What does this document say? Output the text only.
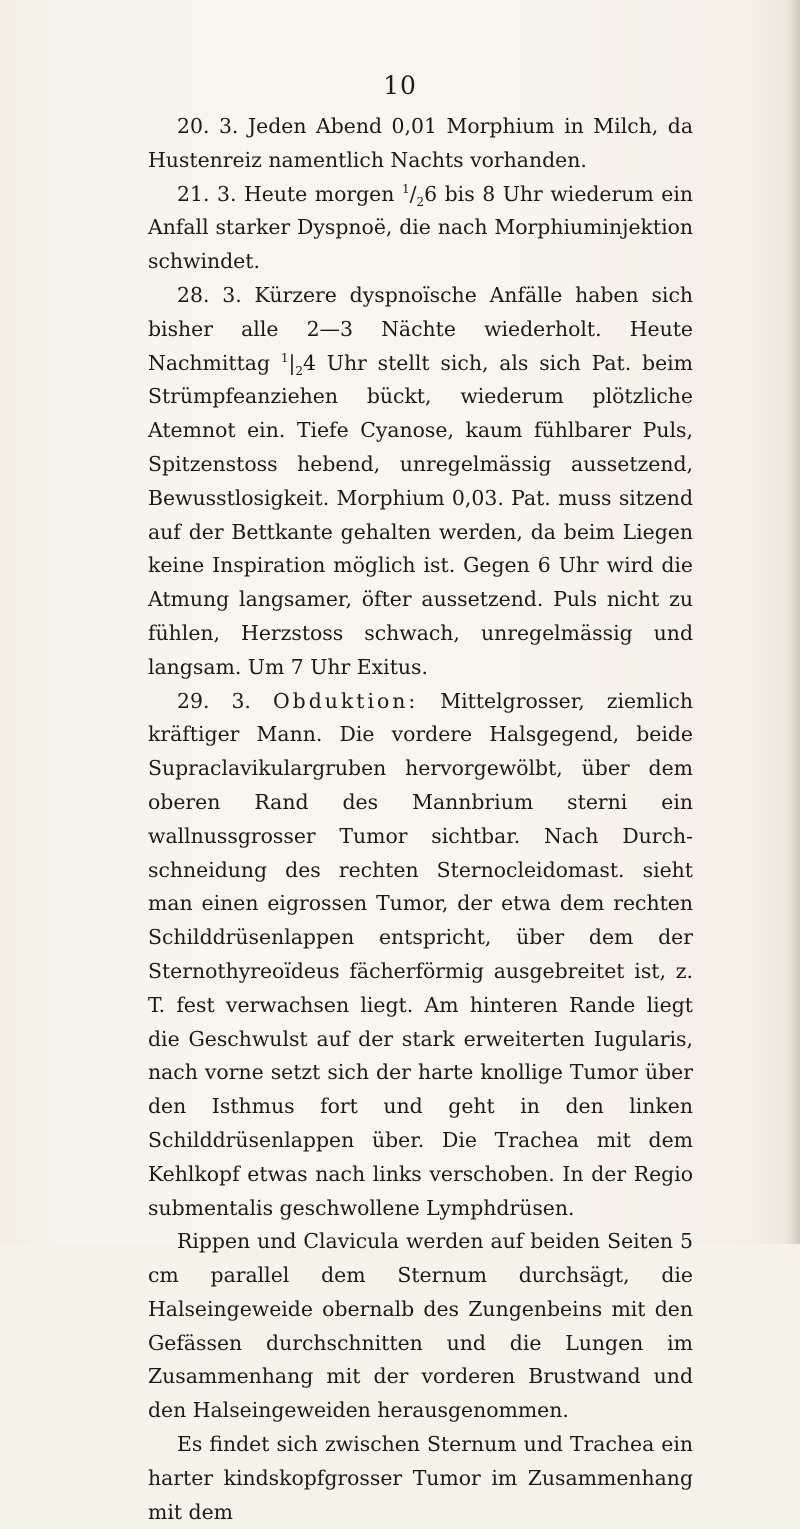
10

20. 3. Jeden Abend 0,01 Morphium in Milch, da Hustenreiz namentlich Nachts vorhanden.

21. 3. Heute morgen $^1/_26$ bis 8 Uhr wiederum ein Anfall starker Dyspnoë, die nach Morphiuminjektion schwindet.

28. 3. Kürzere dyspnoïsche Anfälle haben sich bisher alle 2—3 Nächte wiederholt. Heute Nachmittag $^1|_24$ Uhr stellt sich, als sich Pat. beim Strümpfeanziehen bückt, wiederum plötzliche Atemnot ein. Tiefe Cyanose, kaum fühlbarer Puls, Spitzenstoss hebend, unregelmässig aussetzend, Bewusstlosigkeit. Morphium 0,03. Pat. muss sitzend auf der Bettkante gehalten werden, da beim Liegen keine Inspiration möglich ist. Gegen 6 Uhr wird die Atmung langsamer, öfter aussetzend. Puls nicht zu fühlen, Herzstoss schwach, unregelmässig und langsam. Um 7 Uhr Exitus.

29. 3. Obduktion: Mittelgrosser, ziemlich kräftiger Mann. Die vordere Halsgegend, beide Supraclavikulargruben hervorgewölbt, über dem oberen Rand des Mannbrium sterni ein wallnussgrosser Tumor sichtbar. Nach Durchschneidung des rechten Sternocleidomast. sieht man einen eigrossen Tumor, der etwa dem rechten Schilddrüsenlappen entspricht, über dem der Sternothyreoïdeus fächerförmig ausgebreitet ist, z. T. fest verwachsen liegt. Am hinteren Rande liegt die Geschwulst auf der stark erweiterten Iugularis, nach vorne setzt sich der harte knollige Tumor über den Isthmus fort und geht in den linken Schilddrüsenlappen über. Die Trachea mit dem Kehlkopf etwas nach links verschoben. In der Regio submentalis geschwollene Lymphdrüsen.

Rippen und Clavicula werden auf beiden Seiten 5 cm parallel dem Sternum durchsägt, die Halseingeweide obernalb des Zungenbeins mit den Gefässen durchschnitten und die Lungen im Zusammenhang mit der vorderen Brustwand und den Halseingeweiden herausgenommen.

Es findet sich zwischen Sternum und Trachea ein harter kindskopfgrosser Tumor im Zusammenhang mit dem
